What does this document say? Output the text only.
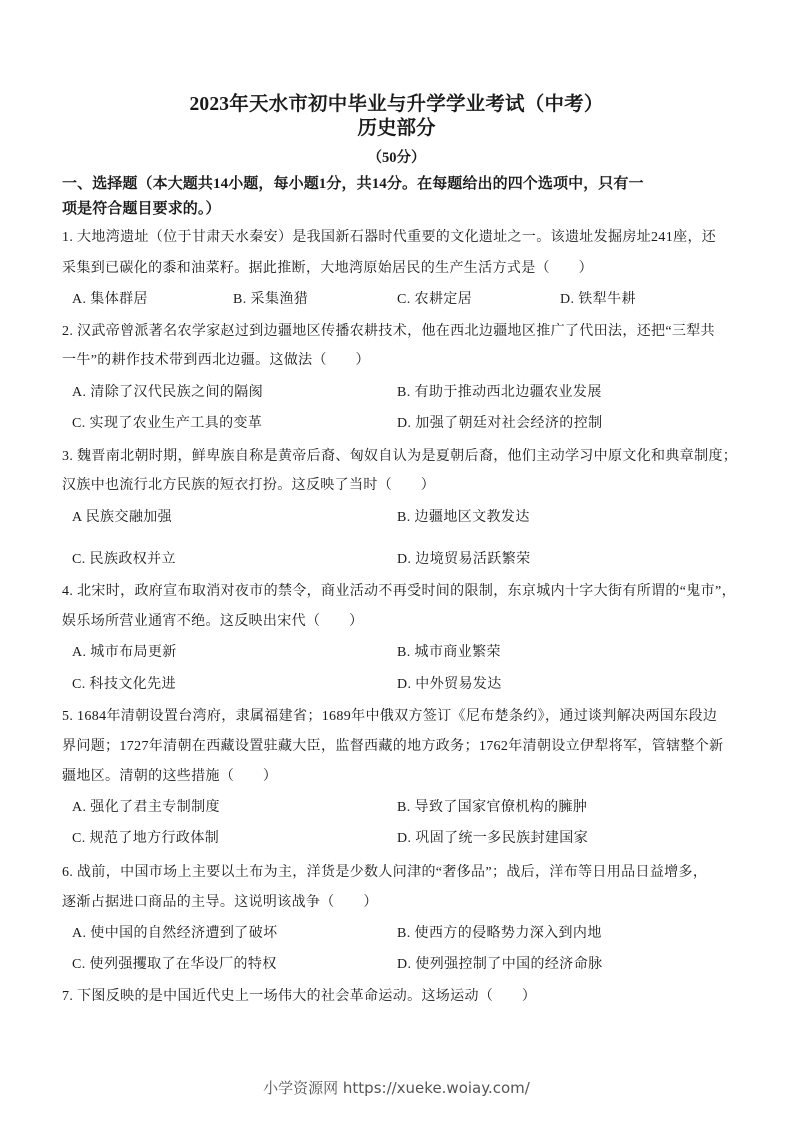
2023年天水市初中毕业与升学学业考试（中考）
历史部分
（50分）
一、选择题（本大题共14小题，每小题1分，共14分。在每题给出的四个选项中，只有一
项是符合题目要求的。）
1. 大地湾遗址（位于甘肃天水秦安）是我国新石器时代重要的文化遗址之一。该遗址发掘房址241座，还
采集到已碳化的黍和油菜籽。据此推断，大地湾原始居民的生产生活方式是（　　）
A. 集体群居	B. 采集渔猎	C. 农耕定居	D. 铁犁牛耕
2. 汉武帝曾派著名农学家赵过到边疆地区传播农耕技术，他在西北边疆地区推广了代田法，还把“三犁共
一牛”的耕作技术带到西北边疆。这做法（　　）
A. 清除了汉代民族之间的隔阂	B. 有助于推动西北边疆农业发展
C. 实现了农业生产工具的变革	D. 加强了朝廷对社会经济的控制
3. 魏晋南北朝时期，鲜卑族自称是黄帝后裔、匈奴自认为是夏朝后裔，他们主动学习中原文化和典章制度；
汉族中也流行北方民族的短衣打扮。这反映了当时（　　）
A 民族交融加强	B. 边疆地区文教发达
C. 民族政权并立	D. 边境贸易活跃繁荣
4. 北宋时，政府宣布取消对夜市的禁令，商业活动不再受时间的限制，东京城内十字大街有所谓的“鬼市”，
娱乐场所营业通宵不绝。这反映出宋代（　　）
A. 城市布局更新	B. 城市商业繁荣
C. 科技文化先进	D. 中外贸易发达
5. 1684年清朝设置台湾府，隶属福建省；1689年中俄双方签订《尼布楚条约》，通过谈判解决两国东段边
界问题；1727年清朝在西藏设置驻藏大臣，监督西藏的地方政务；1762年清朝设立伊犁将军，管辖整个新
疆地区。清朝的这些措施（　　）
A. 强化了君主专制制度	B. 导致了国家官僚机构的臃肿
C. 规范了地方行政体制	D. 巩固了统一多民族封建国家
6. 战前，中国市场上主要以土布为主，洋货是少数人问津的“奢侈品”；战后，洋布等日用品日益增多，
逐渐占据进口商品的主导。这说明该战争（　　）
A. 使中国的自然经济遭到了破坏	B. 使西方的侵略势力深入到内地
C. 使列强攫取了在华设厂的特权	D. 使列强控制了中国的经济命脉
7. 下图反映的是中国近代史上一场伟大的社会革命运动。这场运动（　　）
小学资源网 https://xueke.woiay.com/
